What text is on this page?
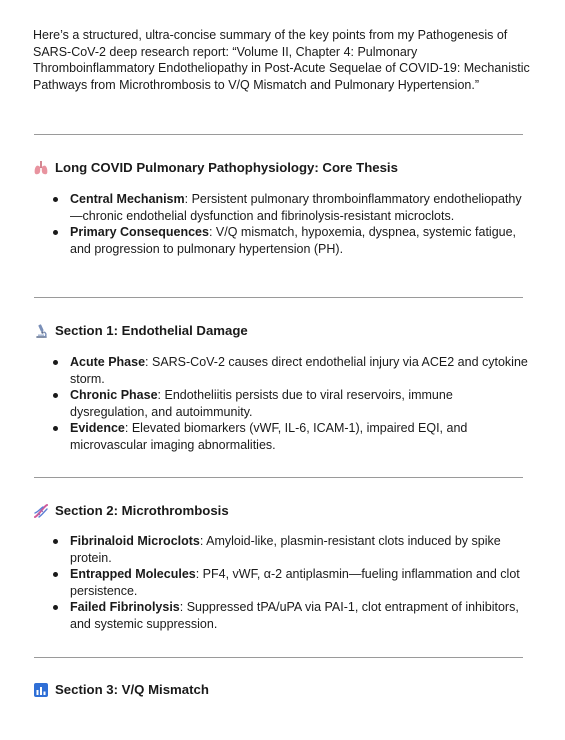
Here’s a structured, ultra-concise summary of the key points from my Pathogenesis of SARS-CoV-2 deep research report: “Volume II, Chapter 4: Pulmonary Thromboinflammatory Endotheliopathy in Post-Acute Sequelae of COVID-19: Mechanistic Pathways from Microthrombosis to V/Q Mismatch and Pulmonary Hypertension.”

Long COVID Pulmonary Pathophysiology: Core Thesis
Central Mechanism: Persistent pulmonary thromboinflammatory endotheliopathy—chronic endothelial dysfunction and fibrinolysis-resistant microclots.
Primary Consequences: V/Q mismatch, hypoxemia, dyspnea, systemic fatigue, and progression to pulmonary hypertension (PH).
Section 1: Endothelial Damage
Acute Phase: SARS-CoV-2 causes direct endothelial injury via ACE2 and cytokine storm.
Chronic Phase: Endotheliitis persists due to viral reservoirs, immune dysregulation, and autoimmunity.
Evidence: Elevated biomarkers (vWF, IL-6, ICAM-1), impaired EQI, and microvascular imaging abnormalities.
Section 2: Microthrombosis
Fibrinaloid Microclots: Amyloid-like, plasmin-resistant clots induced by spike protein.
Entrapped Molecules: PF4, vWF, α-2 antiplasmin—fueling inflammation and clot persistence.
Failed Fibrinolysis: Suppressed tPA/uPA via PAI-1, clot entrapment of inhibitors, and systemic suppression.
Section 3: V/Q Mismatch
